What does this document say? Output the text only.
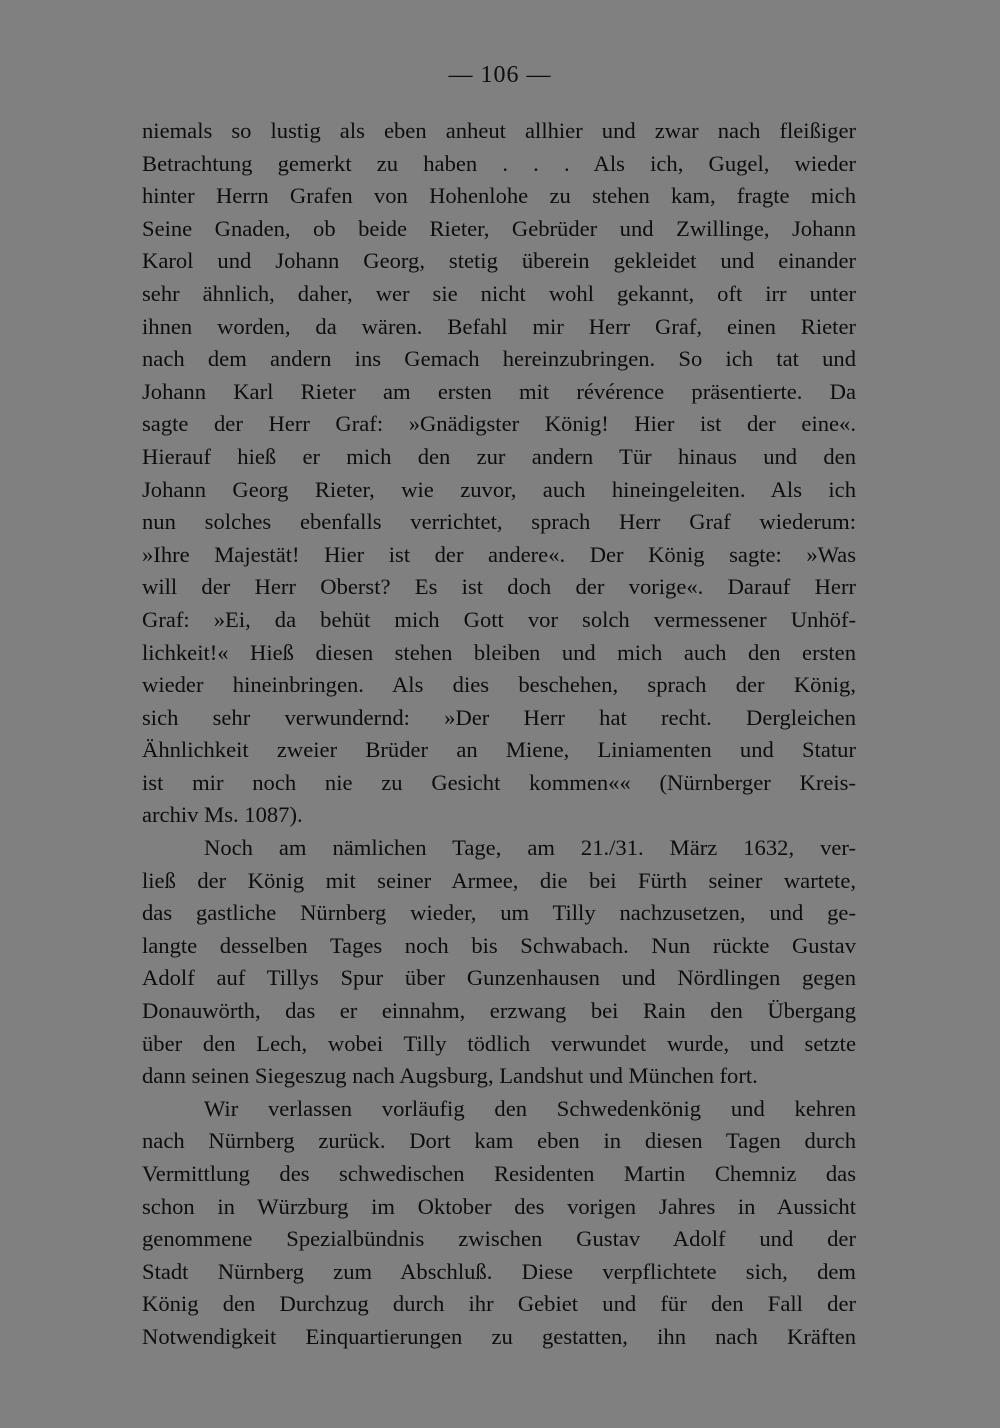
— 106 —
niemals so lustig als eben anheut allhier und zwar nach fleißiger
Betrachtung gemerkt zu haben . . . Als ich, Gugel, wieder
hinter Herrn Grafen von Hohenlohe zu stehen kam, fragte mich
Seine Gnaden, ob beide Rieter, Gebrüder und Zwillinge, Johann
Karol und Johann Georg, stetig überein gekleidet und einander
sehr ähnlich, daher, wer sie nicht wohl gekannt, oft irr unter
ihnen worden, da wären. Befahl mir Herr Graf, einen Rieter
nach dem andern ins Gemach hereinzubringen. So ich tat und
Johann Karl Rieter am ersten mit révérence präsentierte. Da
sagte der Herr Graf: »Gnädigster König! Hier ist der eine«.
Hierauf hieß er mich den zur andern Tür hinaus und den
Johann Georg Rieter, wie zuvor, auch hineingeleiten. Als ich
nun solches ebenfalls verrichtet, sprach Herr Graf wiederum:
»Ihre Majestät! Hier ist der andere«. Der König sagte: »Was
will der Herr Oberst? Es ist doch der vorige«. Darauf Herr
Graf: »Ei, da behüt mich Gott vor solch vermessener Unhöf-
lichkeit!« Hieß diesen stehen bleiben und mich auch den ersten
wieder hineinbringen. Als dies beschehen, sprach der König,
sich sehr verwundernd: »Der Herr hat recht. Dergleichen
Ähnlichkeit zweier Brüder an Miene, Liniamenten und Statur
ist mir noch nie zu Gesicht kommen«« (Nürnberger Kreis-
archiv Ms. 1087).
Noch am nämlichen Tage, am 21./31. März 1632, ver-
ließ der König mit seiner Armee, die bei Fürth seiner wartete,
das gastliche Nürnberg wieder, um Tilly nachzusetzen, und ge-
langte desselben Tages noch bis Schwabach. Nun rückte Gustav
Adolf auf Tillys Spur über Gunzenhausen und Nördlingen gegen
Donauwörth, das er einnahm, erzwang bei Rain den Übergang
über den Lech, wobei Tilly tödlich verwundet wurde, und setzte
dann seinen Siegeszug nach Augsburg, Landshut und München fort.
Wir verlassen vorläufig den Schwedenkönig und kehren
nach Nürnberg zurück. Dort kam eben in diesen Tagen durch
Vermittlung des schwedischen Residenten Martin Chemniz das
schon in Würzburg im Oktober des vorigen Jahres in Aussicht
genommene Spezialbündnis zwischen Gustav Adolf und der
Stadt Nürnberg zum Abschluß. Diese verpflichtete sich, dem
König den Durchzug durch ihr Gebiet und für den Fall der
Notwendigkeit Einquartierungen zu gestatten, ihn nach Kräften
